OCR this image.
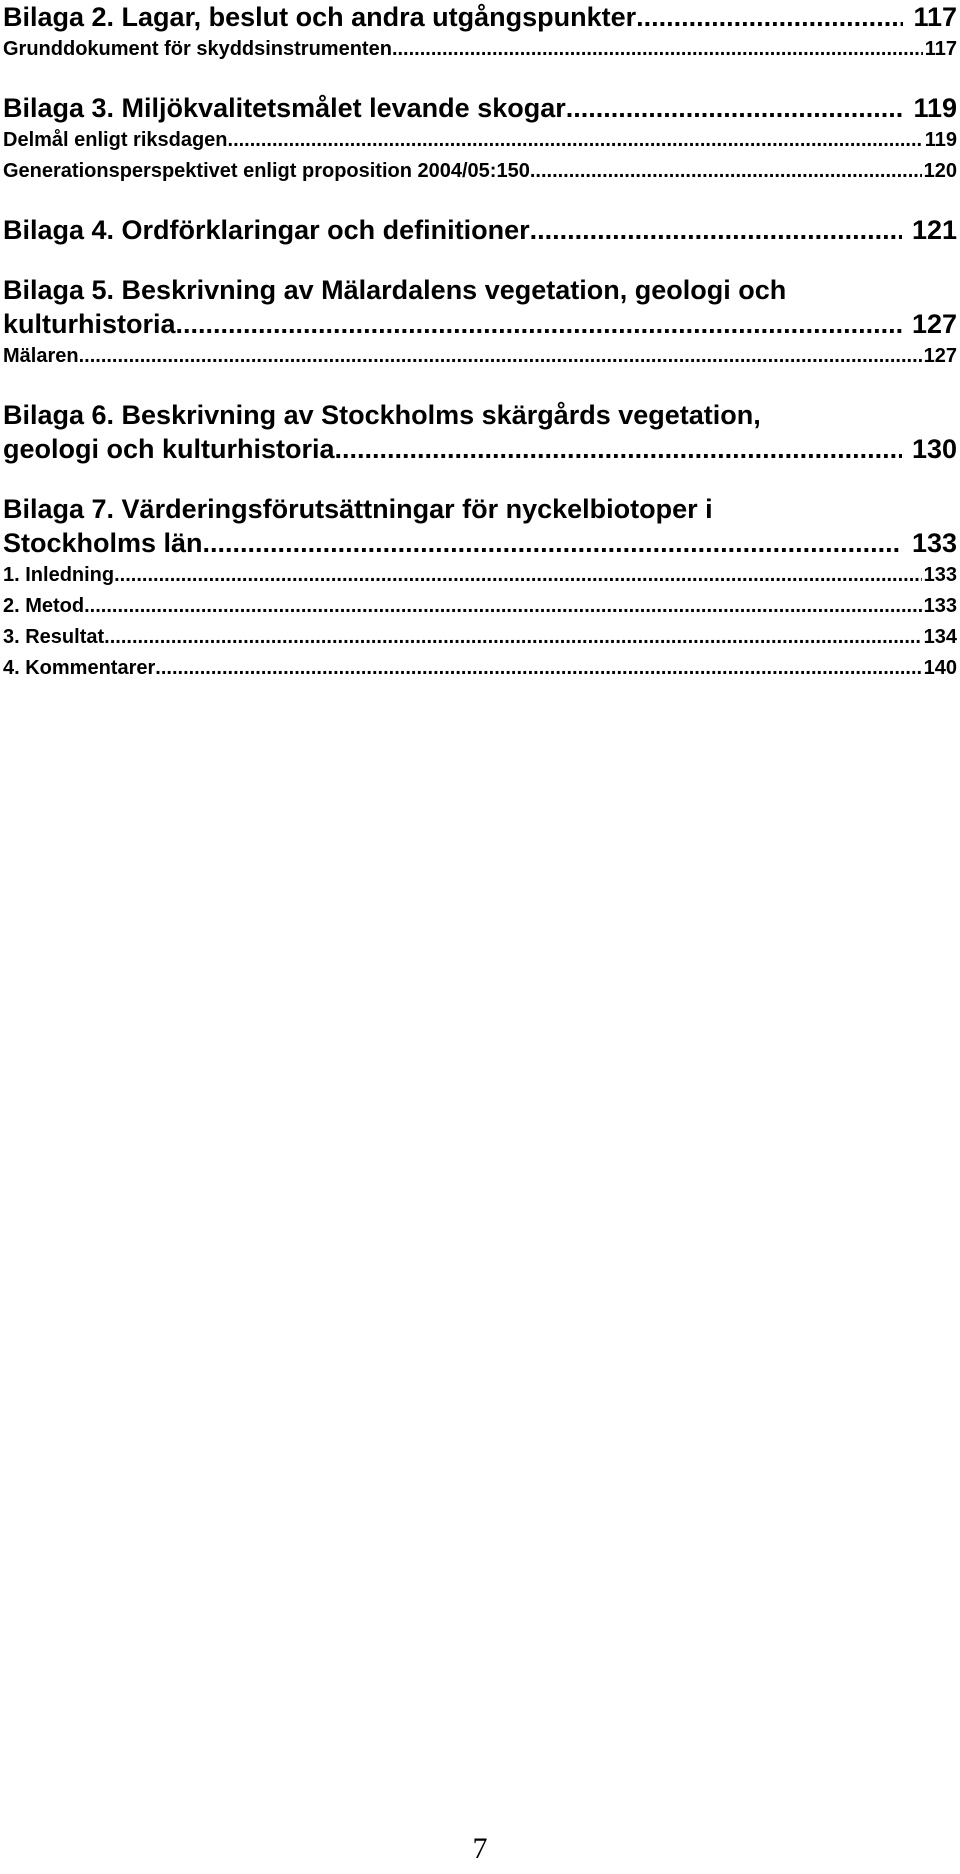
Bilaga 2. Lagar, beslut och andra utgångspunkter .....	117
Grunddokument för skyddsinstrumenten .....	117
Bilaga 3. Miljökvalitetsmålet levande skogar .....	119
Delmål enligt riksdagen .....	119
Generationsperspektivet enligt proposition 2004/05:150 .....	120
Bilaga 4. Ordförklaringar och definitioner .....	121
Bilaga 5. Beskrivning av Mälardalens vegetation, geologi och
kulturhistoria .....	127
Mälaren .....	127
Bilaga 6. Beskrivning av Stockholms skärgårds vegetation,
geologi och kulturhistoria .....	130
Bilaga 7. Värderingsförutsättningar för nyckelbiotoper i
Stockholms län .....	133
1. Inledning .....	133
2. Metod .....	133
3. Resultat .....	134
4. Kommentarer .....	140
7
